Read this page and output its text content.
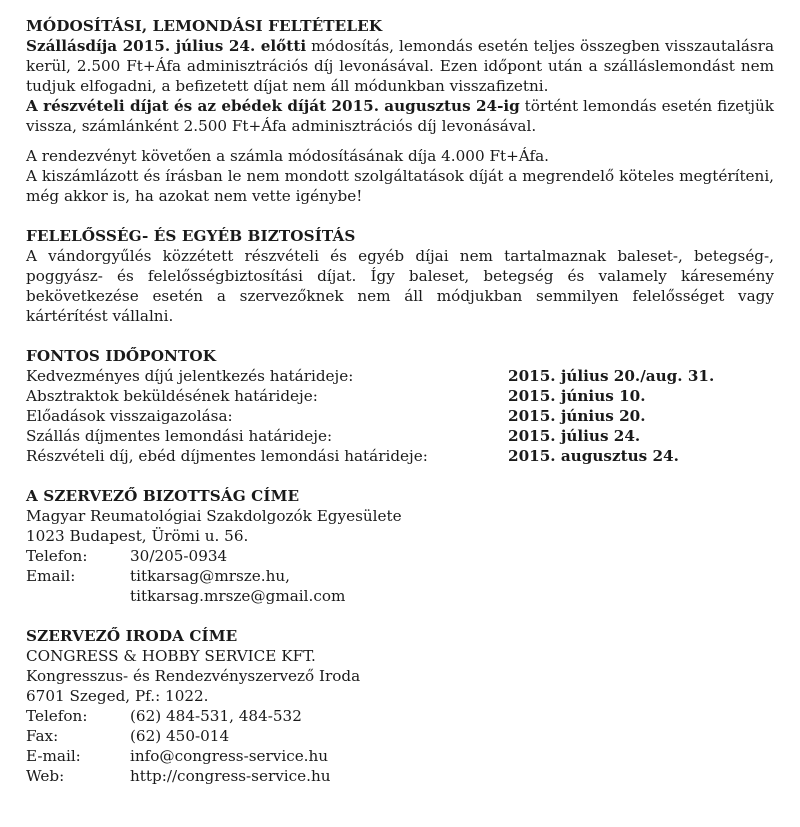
MÓDOSÍTÁSI, LEMONDÁSI FELTÉTELEK

Szállásdíja 2015. július 24. előtti módosítás, lemondás esetén teljes összegben visszautalásra kerül, 2.500 Ft+Áfa adminisztrációs díj levonásával. Ezen időpont után a szálláslemondást nem tudjuk elfogadni, a befizetett díjat nem áll módunkban visszafizetni.

A részvételi díjat és az ebédek díját 2015. augusztus 24-ig történt lemondás esetén fizetjük vissza, számlánként 2.500 Ft+Áfa adminisztrációs díj levonásával.

A rendezvényt követően a számla módosításának díja 4.000 Ft+Áfa.

A kiszámlázott és írásban le nem mondott szolgáltatások díját a megrendelő köteles megtéríteni, még akkor is, ha azokat nem vette igénybe!

FELELŐSSÉG- ÉS EGYÉB BIZTOSÍTÁS

A vándorgyűlés közzétett részvételi és egyéb díjai nem tartalmaznak baleset-, betegség-, poggyász- és felelősségbiztosítási díjat. Így baleset, betegség és valamely káresemény bekövetkezése esetén a szervezőknek nem áll módjukban semmilyen felelősséget vagy kártérítést vállalni.

FONTOS IDŐPONTOK
Kedvezményes díjú jelentkezés határideje:	2015. július 20./aug. 31.
Absztraktok beküldésének határideje:	2015. június 10.
Előadások visszaigazolása:	2015. június 20.
Szállás díjmentes lemondási határideje:	2015. július 24.
Részvételi díj, ebéd díjmentes lemondási határideje:	2015. augusztus 24.
A SZERVEZŐ BIZOTTSÁG CÍME
Magyar Reumatológiai Szakdolgozók Egyesülete
1023 Budapest, Ürömi u. 56.
Telefon:	30/205-0934
Email:	titkarsag@mrsze.hu,
titkarsag.mrsze@gmail.com
SZERVEZŐ IRODA CÍME
CONGRESS & HOBBY SERVICE KFT.
Kongresszus- és Rendezvényszervező Iroda
6701 Szeged, Pf.: 1022.
Telefon:	(62) 484-531, 484-532
Fax:	(62) 450-014
E-mail:	info@congress-service.hu
Web:	http://congress-service.hu
